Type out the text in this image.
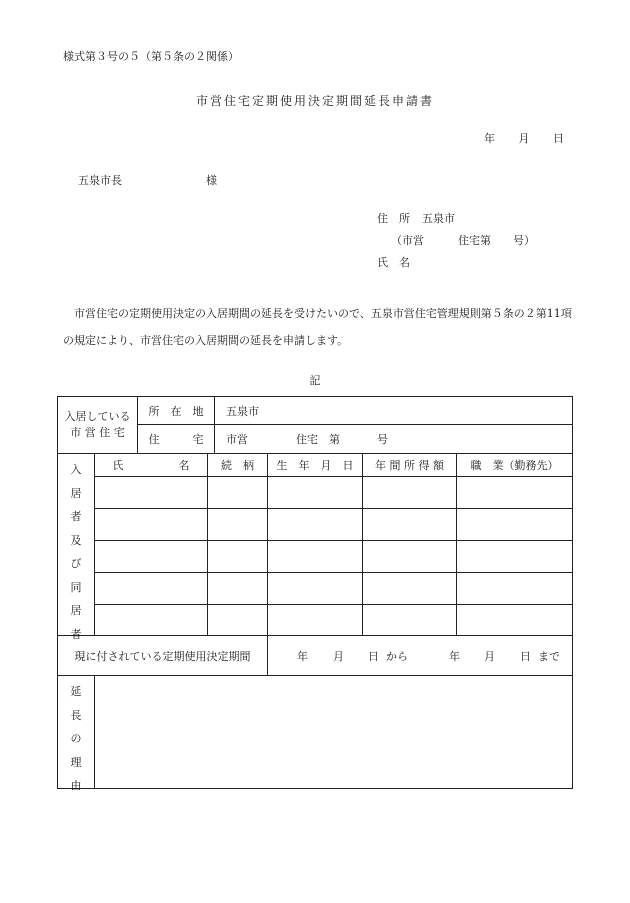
様式第３号の５（第５条の２関係）
市営住宅定期使用決定期間延長申請書
年 月 日
五泉市長	様
住　所 五泉市
（市営	住宅第 号）
氏　名
市営住宅の定期使用決定の入居期間の延長を受けたいので、五泉市営住宅管理規則第５条の２第11項の規定により、市営住宅の入居期間の延長を申請します。
記
入居している
市 営 住 宅
所　在　地	五泉市
住　　　宅	市営	住宅　第	号
入
居
者
及
び
同
居
者
氏　　　　　名	続　柄	生　年　月　日	年 間 所 得 額	職　業（勤務先）
現に付されている定期使用決定期間	年 月 日 から	年 月 日 まで
延
長
の
理
由
